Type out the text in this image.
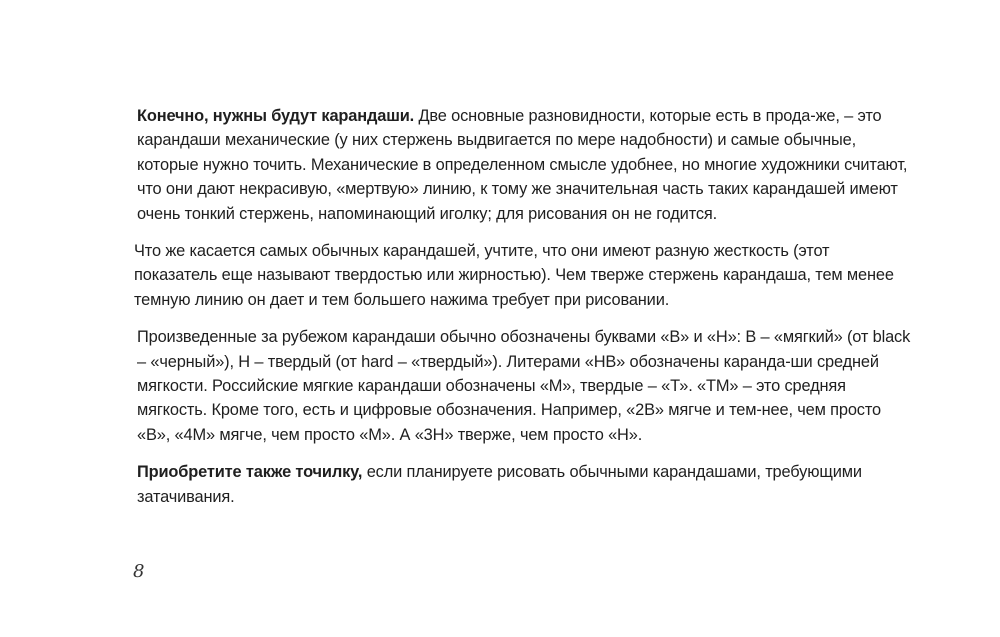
Конечно, нужны будут карандаши. Две основные разновидности, которые есть в прода-же, – это карандаши механические (у них стержень выдвигается по мере надобности) и самые обычные, которые нужно точить. Механические в определенном смысле удобнее, но многие художники считают, что они дают некрасивую, «мертвую» линию, к тому же значительная часть таких карандашей имеют очень тонкий стержень, напоминающий иголку; для рисования он не годится.

Что же касается самых обычных карандашей, учтите, что они имеют разную жесткость (этот показатель еще называют твердостью или жирностью). Чем тверже стержень карандаша, тем менее темную линию он дает и тем большего нажима требует при рисовании.

Произведенные за рубежом карандаши обычно обозначены буквами «B» и «H»: B – «мягкий» (от black – «черный»), H – твердый (от hard – «твердый»). Литерами «HB» обозначены каранда-ши средней мягкости. Российские мягкие карандаши обозначены «М», твердые – «Т». «ТМ» – это средняя мягкость. Кроме того, есть и цифровые обозначения. Например, «2B» мягче и тем-нее, чем просто «B», «4М» мягче, чем просто «М». А «3H» тверже, чем просто «H».

Приобретите также точилку, если планируете рисовать обычными карандашами, требующими затачивания.

8
